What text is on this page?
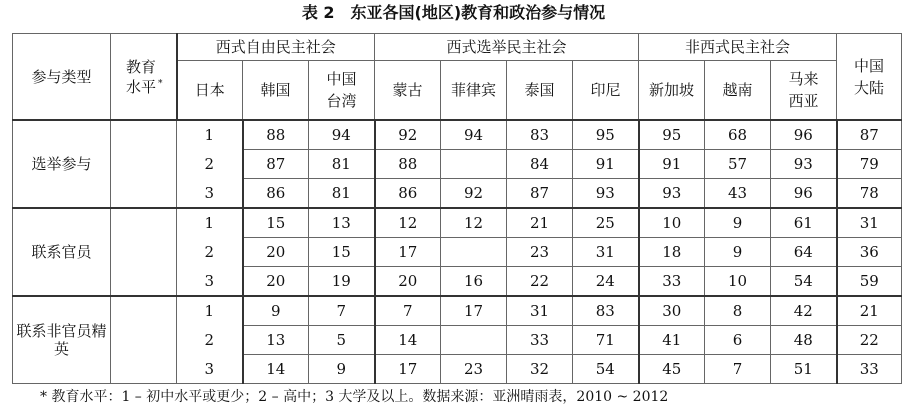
表 2 东亚各国(地区)教育和政治参与情况
参与类型	教育水平 *	西式自由民主社会			西式选举民主社会				非西式民主社会			中国大陆
		日本	韩国	中国台湾	蒙古	菲律宾	泰国	印尼	新加坡	越南	马来西亚	
选举参与		1	88	94	92	94	83	95	95	68	96	87
		2	87	81	88		84	91	91	57	93	79
		3	86	81	86	92	87	93	93	43	96	78
联系官员		1	15	13	12	12	21	25	10	9	61	31
		2	20	15	17		23	31	18	9	64	36
		3	20	19	20	16	22	24	33	10	54	59
联系非官员精英		1	9	7	7	17	31	83	30	8	42	21
		2	13	5	14		33	71	41	6	48	22
		3	14	9	17	23	32	54	45	7	51	33
* 教育水平：1 – 初中水平或更少；2 – 高中；3 大学及以上。数据来源：亚洲晴雨表，2010 ~ 2012
